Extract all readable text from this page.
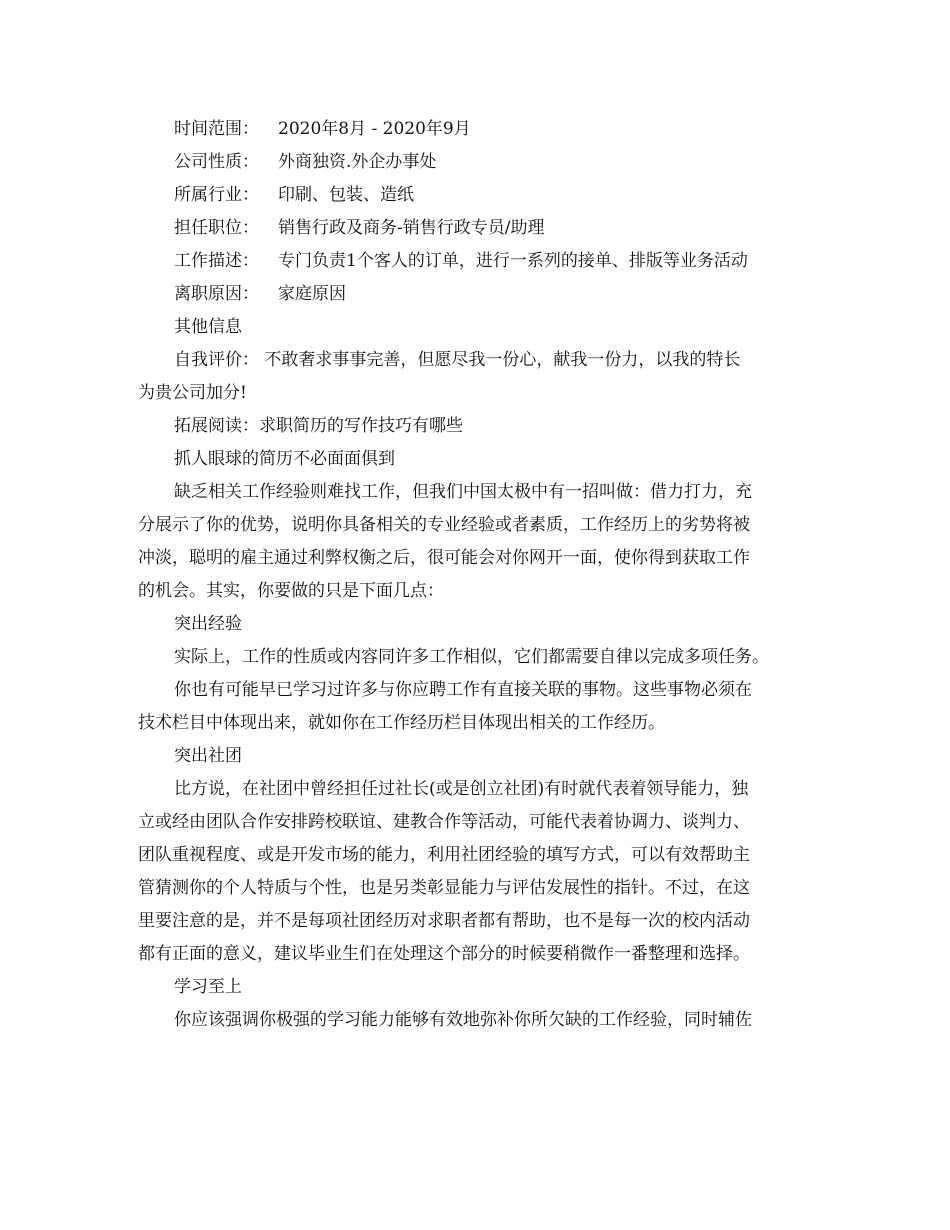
时间范围： 2020年8月 - 2020年9月
公司性质： 外商独资.外企办事处
所属行业： 印刷、包装、造纸
担任职位： 销售行政及商务-销售行政专员/助理
工作描述： 专门负责1个客人的订单，进行一系列的接单、排版等业务活动
离职原因： 家庭原因
其他信息
自我评价： 不敢奢求事事完善，但愿尽我一份心，献我一份力，以我的特长
为贵公司加分!
拓展阅读：求职简历的写作技巧有哪些
抓人眼球的简历不必面面俱到
缺乏相关工作经验则难找工作，但我们中国太极中有一招叫做：借力打力，充
分展示了你的优势，说明你具备相关的专业经验或者素质，工作经历上的劣势将被
冲淡，聪明的雇主通过利弊权衡之后，很可能会对你网开一面，使你得到获取工作
的机会。其实，你要做的只是下面几点：
突出经验
实际上，工作的性质或内容同许多工作相似，它们都需要自律以完成多项任务。
你也有可能早已学习过许多与你应聘工作有直接关联的事物。这些事物必须在
技术栏目中体现出来，就如你在工作经历栏目体现出相关的工作经历。
突出社团
比方说，在社团中曾经担任过社长(或是创立社团)有时就代表着领导能力，独
立或经由团队合作安排跨校联谊、建教合作等活动，可能代表着协调力、谈判力、
团队重视程度、或是开发市场的能力，利用社团经验的填写方式，可以有效帮助主
管猜测你的个人特质与个性，也是另类彰显能力与评估发展性的指针。不过，在这
里要注意的是，并不是每项社团经历对求职者都有帮助，也不是每一次的校内活动
都有正面的意义，建议毕业生们在处理这个部分的时候要稍微作一番整理和选择。
学习至上
你应该强调你极强的学习能力能够有效地弥补你所欠缺的工作经验，同时辅佐
